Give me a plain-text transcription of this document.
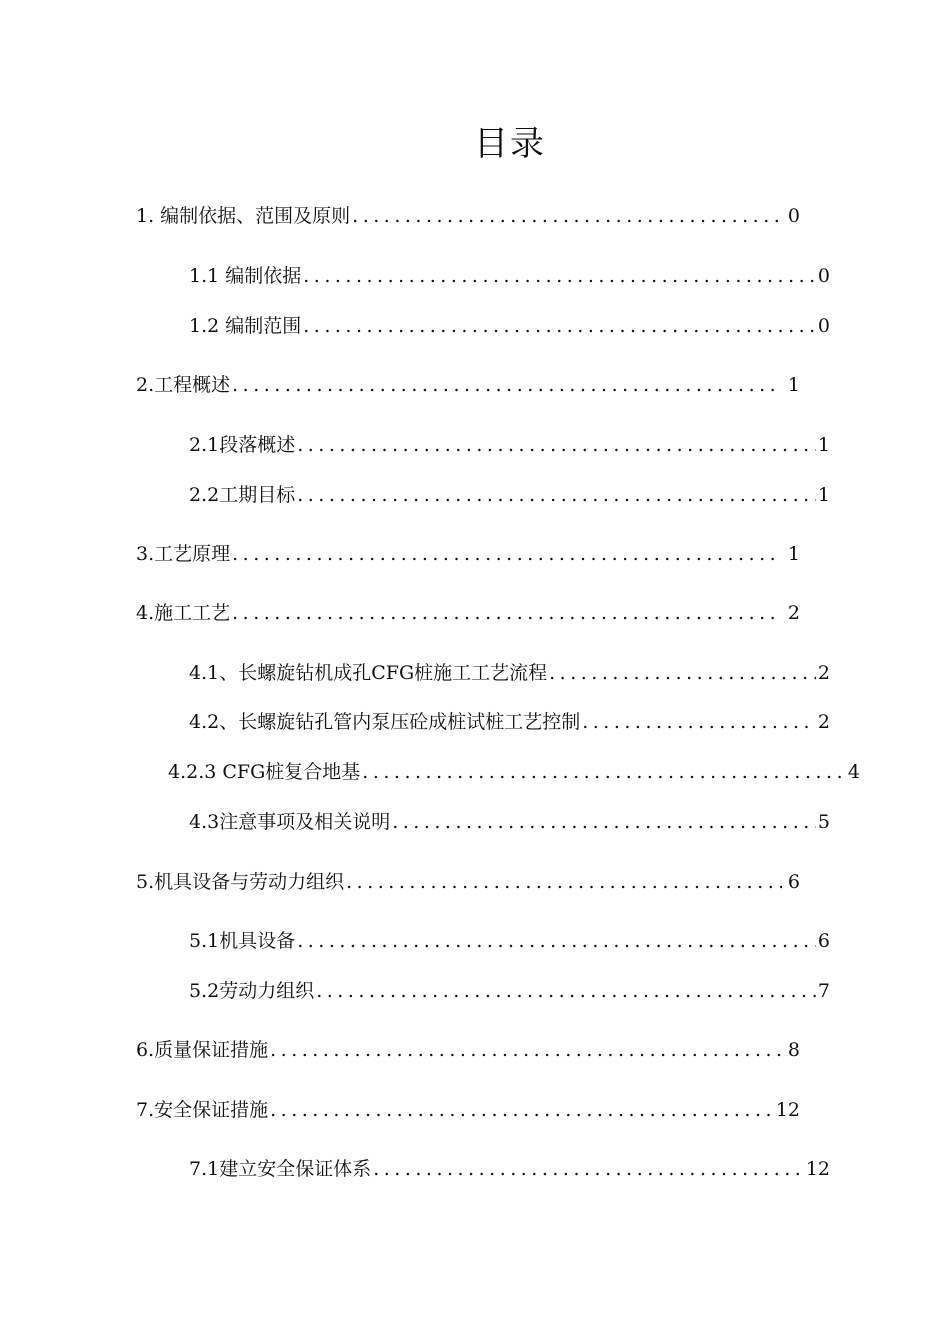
目录
1. 编制依据、范围及原则 .....	0
1.1 编制依据 .....	0
1.2 编制范围 .....	0
2.工程概述 .....	1
2.1段落概述 .....	1
2.2工期目标 .....	1
3.工艺原理 .....	1
4.施工工艺 .....	2
4.1、长螺旋钻机成孔CFG桩施工工艺流程 .....	2
4.2、长螺旋钻孔管内泵压砼成桩试桩工艺控制 .....	2
4.2.3 CFG桩复合地基 .....	4
4.3注意事项及相关说明 .....	5
5.机具设备与劳动力组织 .....	6
5.1机具设备 .....	6
5.2劳动力组织 .....	7
6.质量保证措施 .....	8
7.安全保证措施 .....	12
7.1建立安全保证体系 .....	12
